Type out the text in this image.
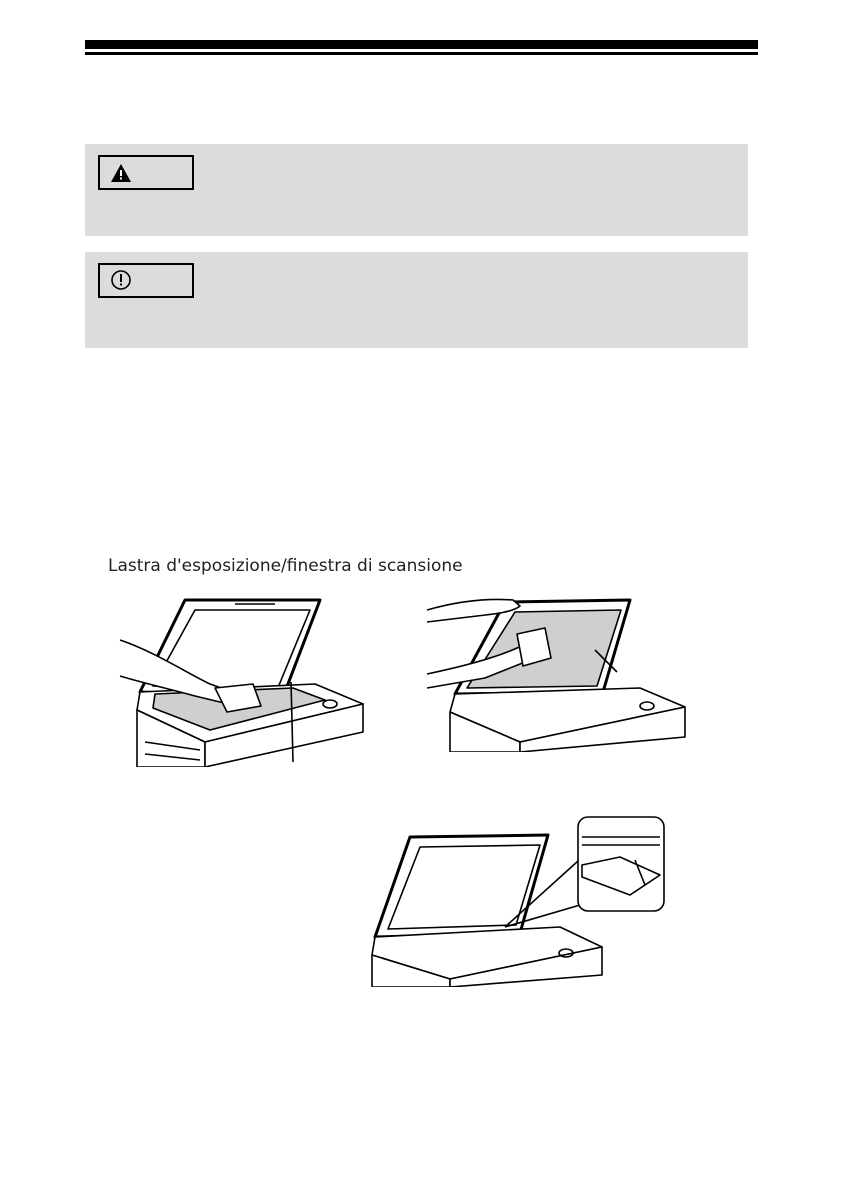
Lastra d'esposizione/finestra di scansione
